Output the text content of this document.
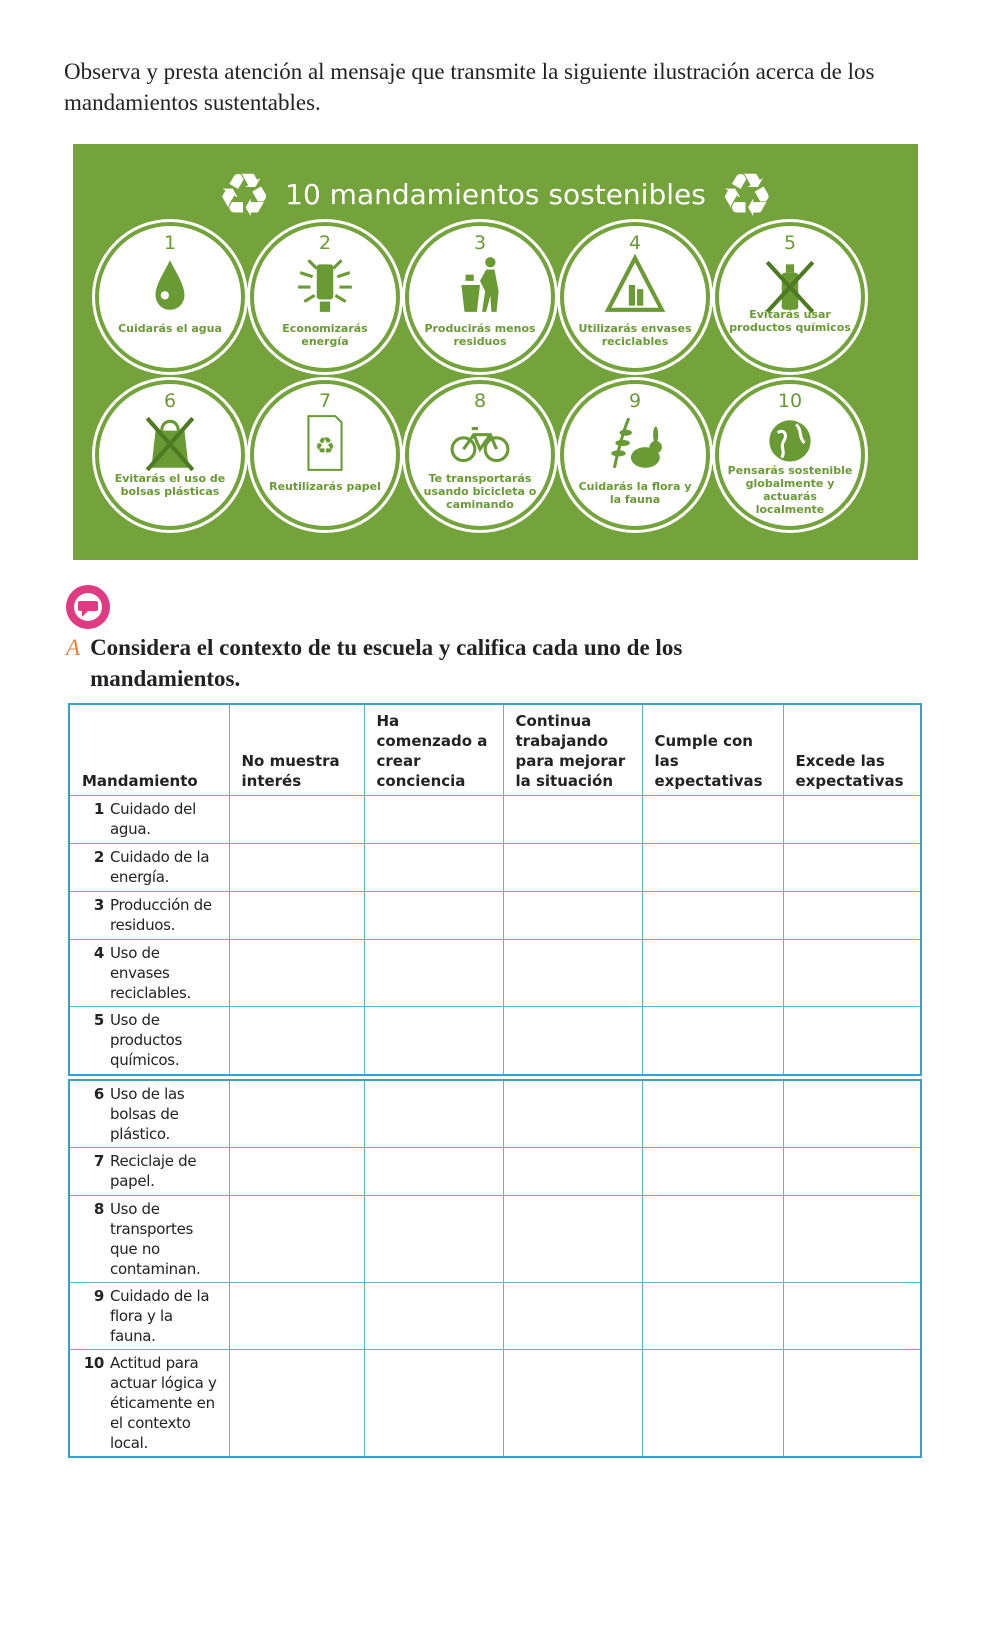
Observa y presta atención al mensaje que transmite la siguiente ilustración acerca de los mandamientos sustentables.
♻ 10 mandamientos sostenibles ♻
1
Cuidarás el agua
2
Economizarás energía
3
Producirás menos residuos
4
Utilizarás envases reciclables
5
Evitarás usar productos químicos
6
Evitarás el uso de bolsas plásticas
7
♻
Reutilizarás papel
8
Te transportarás usando bicicleta o caminando
9
Cuidarás la flora y la fauna
10
Pensarás sostenible globalmente y actuarás localmente
A Considera el contexto de tu escuela y califica cada uno de los mandamientos.
Mandamiento	No muestra interés	Ha comenzado a crear conciencia	Continua trabajando para mejorar la situación	Cumple con las expectativas	Excede las expectativas

1 Cuidado del agua.					

2 Cuidado de la energía.					

3 Producción de residuos.					

4 Uso de envases reciclables.					

5 Uso de productos químicos.					

6 Uso de las bolsas de plástico.					

7 Reciclaje de papel.					

8 Uso de transportes que no contaminan.					

9 Cuidado de la flora y la fauna.					

10 Actitud para actuar lógica y éticamente en el contexto local.					
